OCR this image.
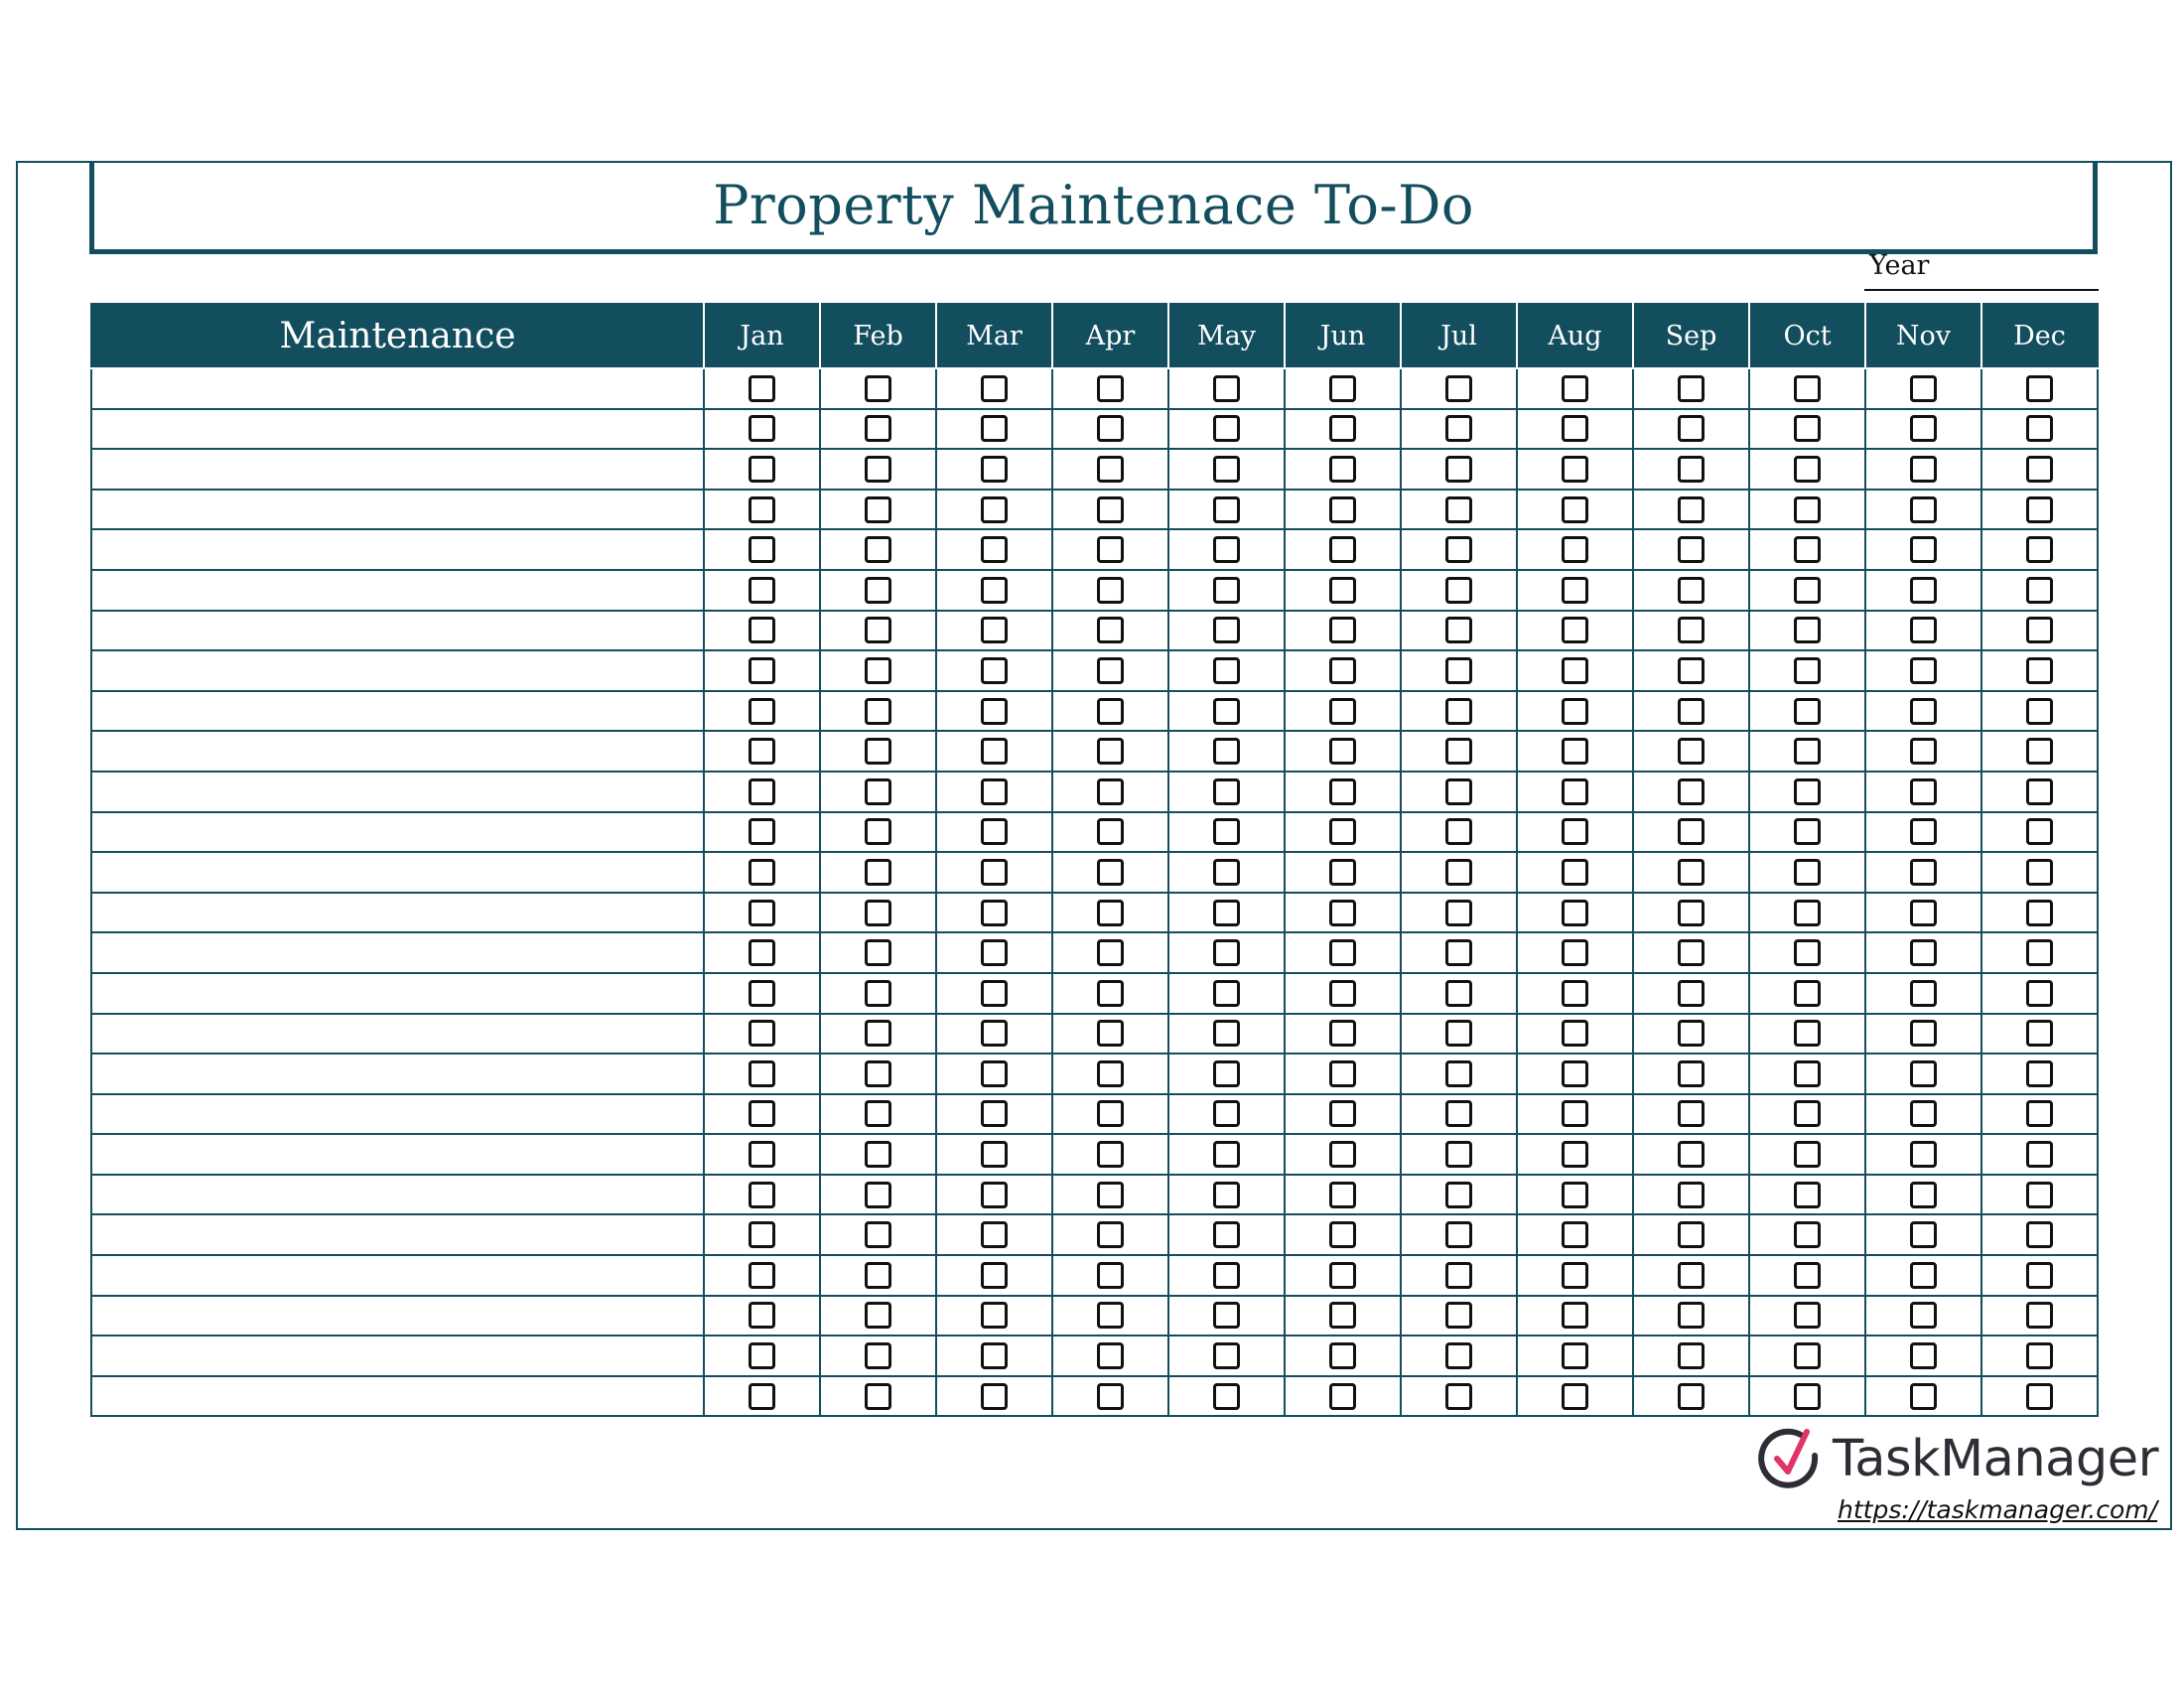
Property Maintenace To-Do
Year
Maintenance	Jan	Feb	Mar	Apr	May	Jun	Jul	Aug	Sep	Oct	Nov	Dec

TaskManager
https://taskmanager.com/
